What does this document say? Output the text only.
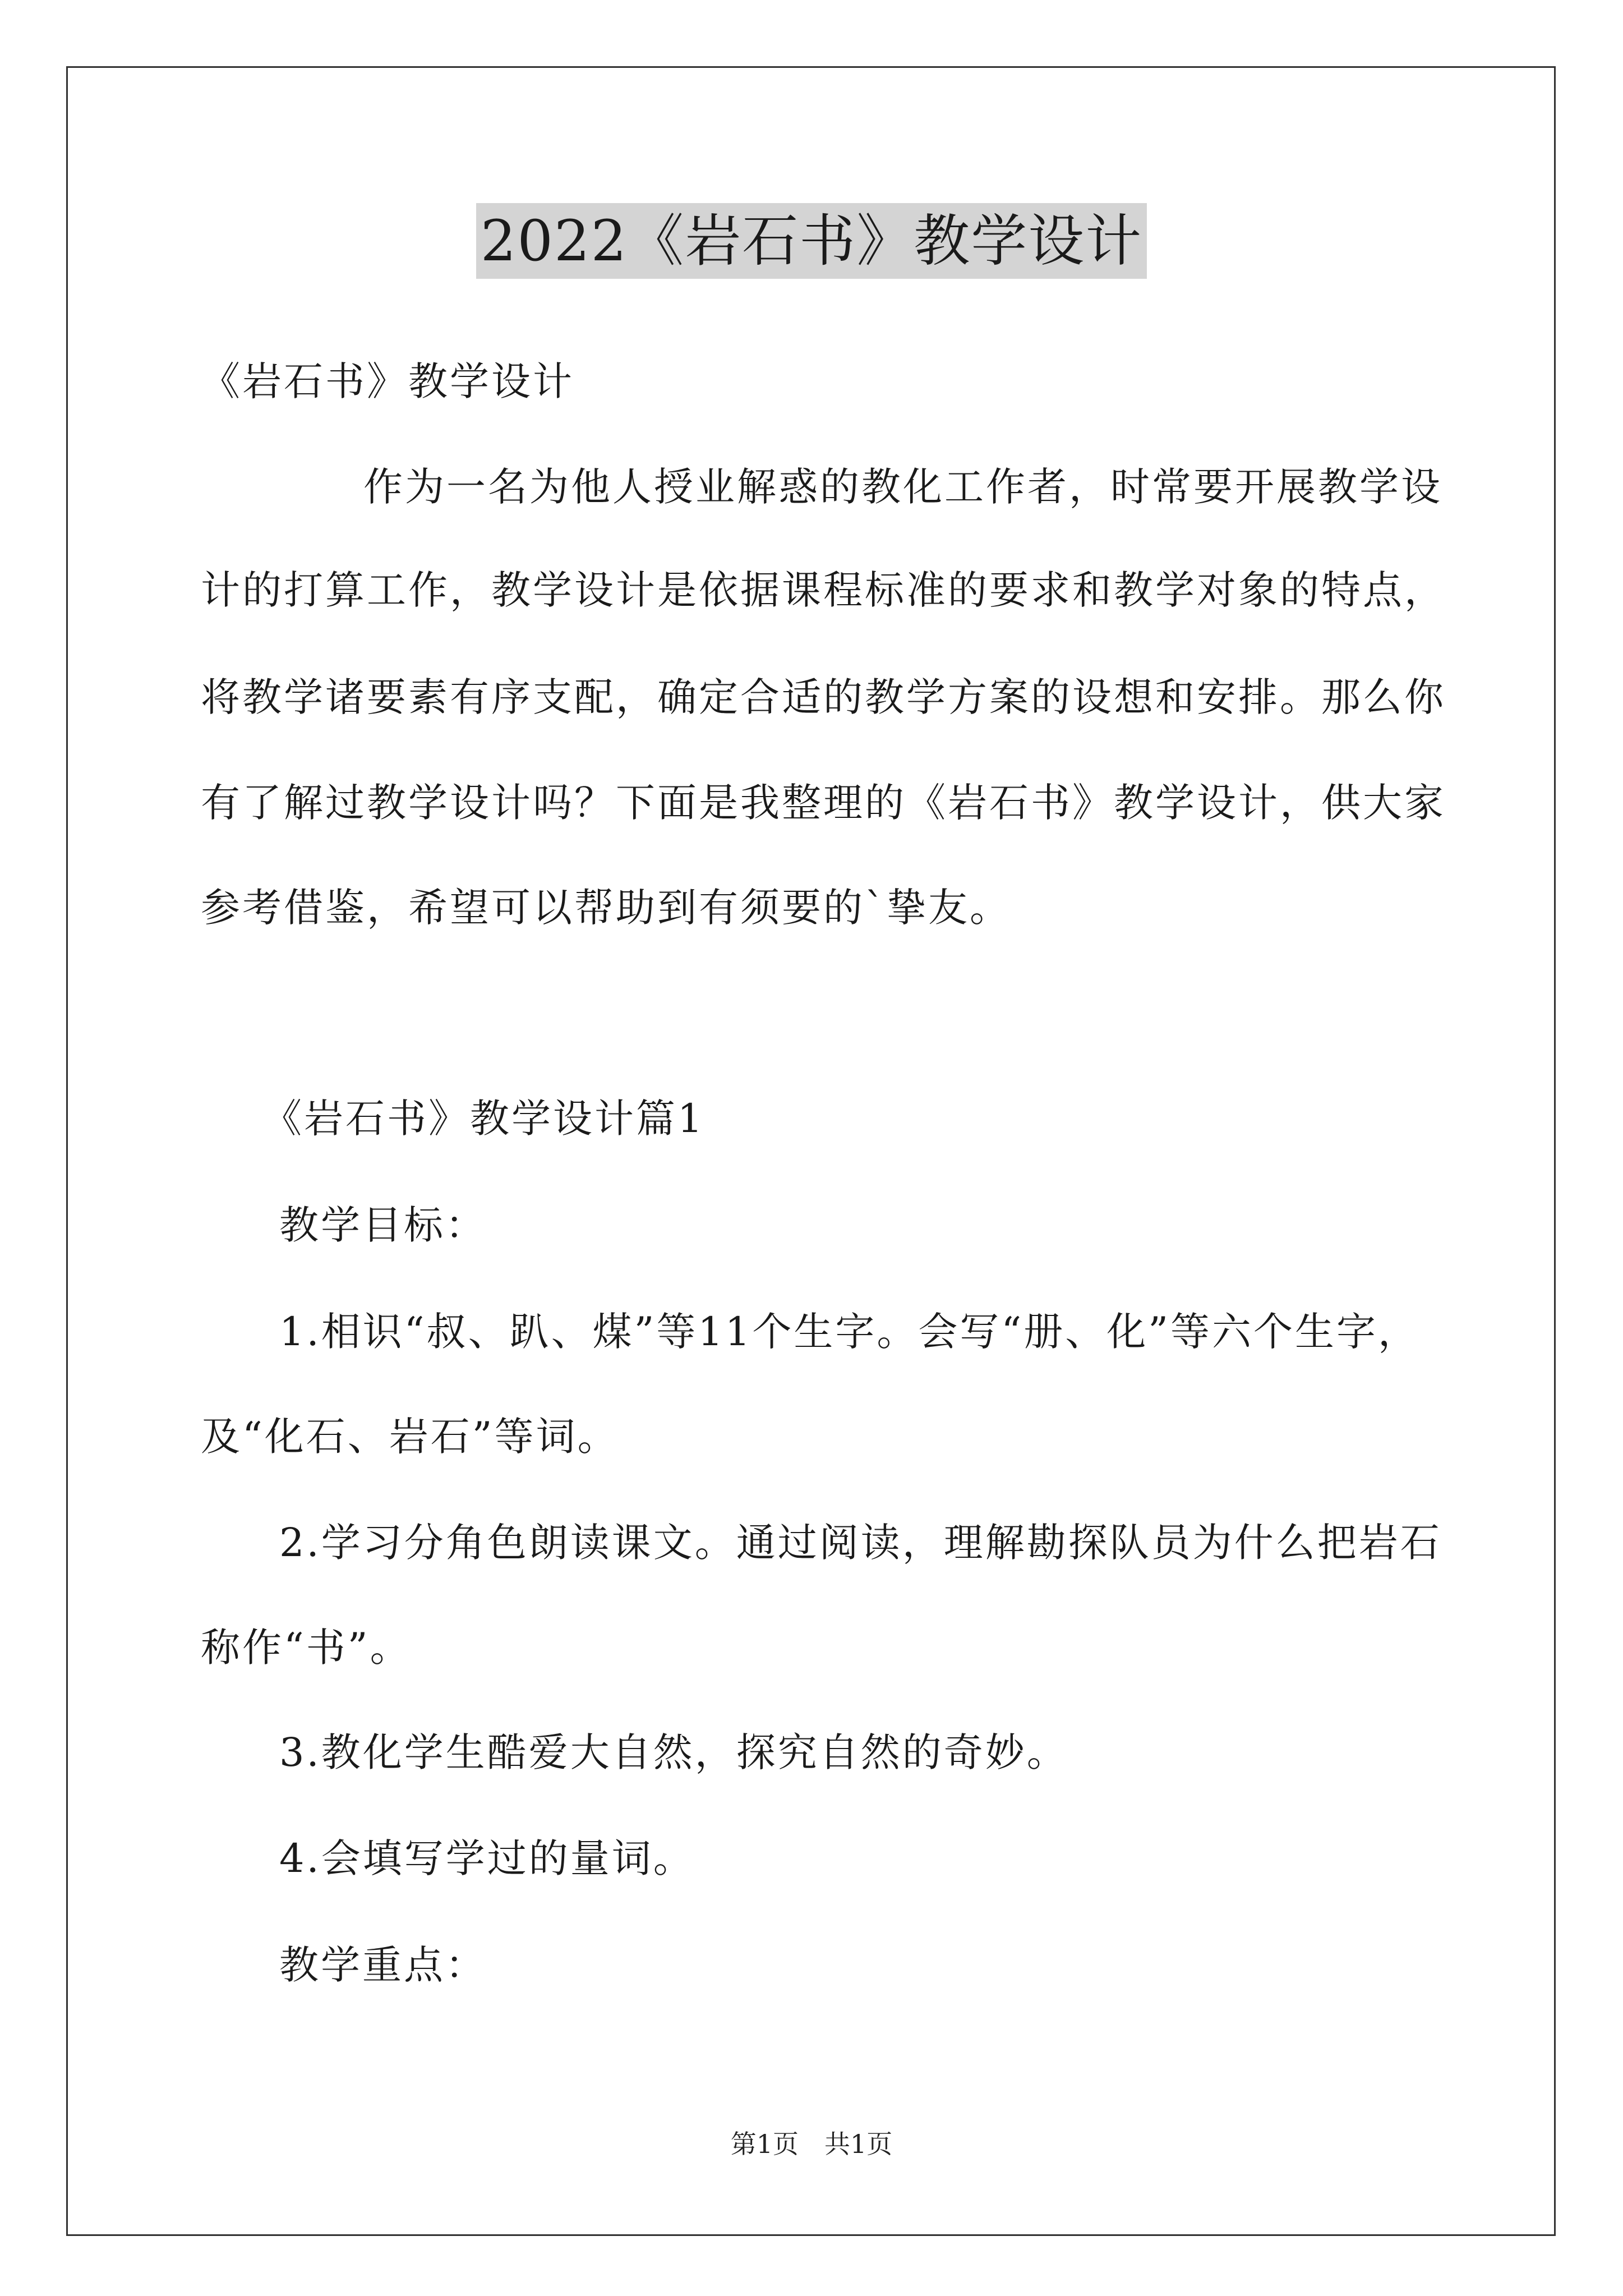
2022《岩石书》教学设计
《岩石书》教学设计
作为一名为他人授业解惑的教化工作者，时常要开展教学设
计的打算工作，教学设计是依据课程标准的要求和教学对象的特点，
将教学诸要素有序支配，确定合适的教学方案的设想和安排。那么你
有了解过教学设计吗？下面是我整理的《岩石书》教学设计，供大家
参考借鉴，希望可以帮助到有须要的`挚友。
《岩石书》教学设计篇1
教学目标：
1.相识“叔、趴、煤”等11个生字。会写“册、化”等六个生字，
及“化石、岩石”等词。
2.学习分角色朗读课文。通过阅读，理解勘探队员为什么把岩石
称作“书”。
3.教化学生酷爱大自然，探究自然的奇妙。
4.会填写学过的量词。
教学重点：
第1页　共1页
